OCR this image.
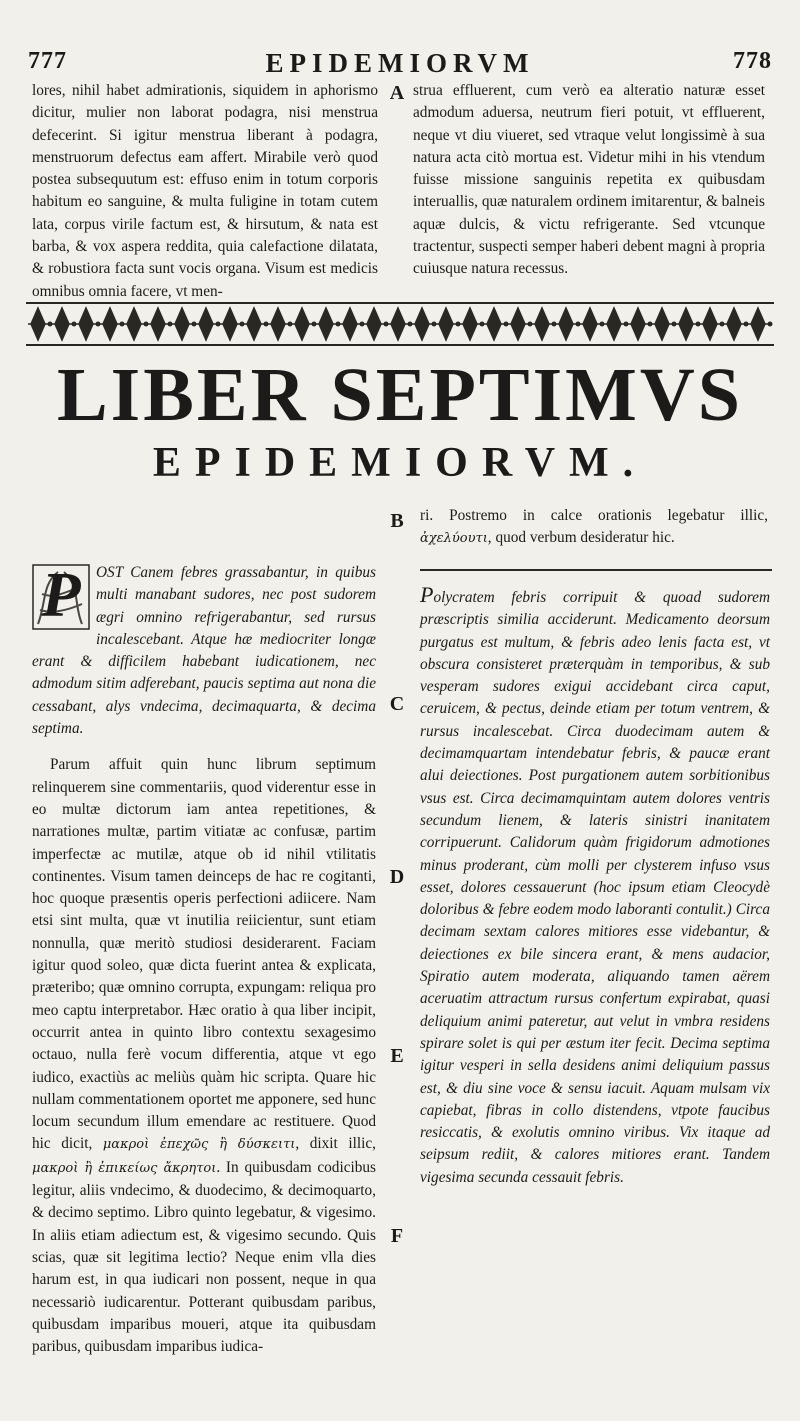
777	EPIDEMIORVM	778

lores, nihil habet admirationis, siquidem in aphorismo dicitur, mulier non laborat podagra, nisi menstrua defecerint. Si igitur menstrua liberant à podagra, menstruorum defectus eam affert. Mirabile verò quod postea subsequutum est: effuso enim in totum corporis habitum eo sanguine, & multa fuligine in totam cutem lata, corpus virile factum est, & hirsutum, & nata est barba, & vox aspera reddita, quia calefactione dilatata, & robustiora facta sunt vocis organa. Visum est medicis omnibus omnia facere, vt men-

strua effluerent, cum verò ea alteratio naturæ esset admodum aduersa, neutrum fieri potuit, vt effluerent, neque vt diu viueret, sed vtraque velut longissimè à sua natura acta citò mortua est. Videtur mihi in his vtendum fuisse missione sanguinis repetita ex quibusdam interuallis, quæ naturalem ordinem imitarentur, & balneis aquæ dulcis, & victu refrigerante. Sed vtcunque tractentur, suspecti semper haberi debent magni à propria cuiusque natura recessus.

A
LIBER SEPTIMVS
EPIDEMIORVM.
B ri. Postremo in calce orationis legebatur illic, ἀχελύουτι, quod verbum desideratur hic.

P	OST Canem febres grassabantur, in quibus multi manabant sudores, nec post sudorem ægri omnino refrigerabantur, sed rursus incalescebant. Atque hæ mediocriter longæ erant & difficilem habebant iudicationem, nec admodum sitim adferebant, paucis septima aut nona die cessabant, alys vndecima, decimaquarta, & decima septima.

Parum affuit quin hunc librum septimum relinquerem sine commentariis, quod viderentur esse in eo multæ dictorum iam antea repetitiones, & narrationes multæ, partim vitiatæ ac confusæ, partim imperfectæ ac mutilæ, atque ob id nihil vtilitatis continentes. Visum tamen deinceps de hac re cogitanti, hoc quoque præsentis operis perfectioni adiicere. Nam etsi sint multa, quæ vt inutilia reiicientur, sunt etiam nonnulla, quæ meritò studiosi desiderarent. Faciam igitur quod soleo, quæ dicta fuerint antea & explicata, præteribo; quæ omnino corrupta, expungam: reliqua pro meo captu interpretabor. Hæc oratio à qua liber incipit, occurrit antea in quinto libro contextu sexagesimo octauo, nulla ferè vocum differentia, atque vt ego iudico, exactiùs ac meliùs quàm hic scripta. Quare hic nullam commentationem oportet me apponere, sed hunc locum secundum illum emendare ac restituere. Quod hic dicit, μακροὶ ἐπεχῶς ἢ δύσκειτι, dixit illic, μακροὶ ἢ ἐπικείως ἄκρητοι. In quibusdam codicibus legitur, aliis vndecimo, & duodecimo, & decimoquarto, & decimo septimo. Libro quinto legebatur, & vigesimo. In aliis etiam adiectum est, & vigesimo secundo. Quis scias, quæ sit legitima lectio? Neque enim vlla dies harum est, in qua iudicari non possent, neque in qua necessariò iudicarentur. Potterant quibusdam paribus, quibusdam imparibus moueri, atque ita quibusdam paribus, quibusdam imparibus iudica-

Polycratem febris corripuit & quoad sudorem præscriptis similia acciderunt. Medicamento deorsum purgatus est multum, & febris adeo lenis facta est, vt obscura consisteret præterquàm in temporibus, & sub vesperam sudores exigui accidebant circa caput, ceruicem, & pectus, deinde etiam per totum ventrem, & rursus incalescebat. Circa duodecimam autem & decimamquartam intendebatur febris, & paucæ erant alui deiectiones. Post purgationem autem sorbitionibus vsus est. Circa decimamquintam autem dolores ventris secundum lienem, & lateris sinistri inanitatem corripuerunt. Calidorum quàm frigidorum admotiones minus proderant, cùm molli per clysterem infuso vsus esset, dolores cessauerunt (hoc ipsum etiam Cleocydè doloribus & febre eodem modo laboranti contulit.) Circa decimam sextam calores mitiores esse videbantur, & deiectiones ex bile sincera erant, & mens audacior, Spiratio autem moderata, aliquando tamen aërem aceruatim attractum rursus confertum expirabat, quasi deliquium animi pateretur, aut velut in vmbra residens spirare solet is qui per æstum iter fecit. Decima septima igitur vesperi in sella desidens animi deliquium passus est, & diu sine voce & sensu iacuit. Aquam mulsam vix capiebat, fibras in collo distendens, vtpote faucibus resiccatis, & exolutis omnino viribus. Vix itaque ad seipsum rediit, & calores mitiores erant. Tandem vigesima secunda cessauit febris.

C
D
E
F
